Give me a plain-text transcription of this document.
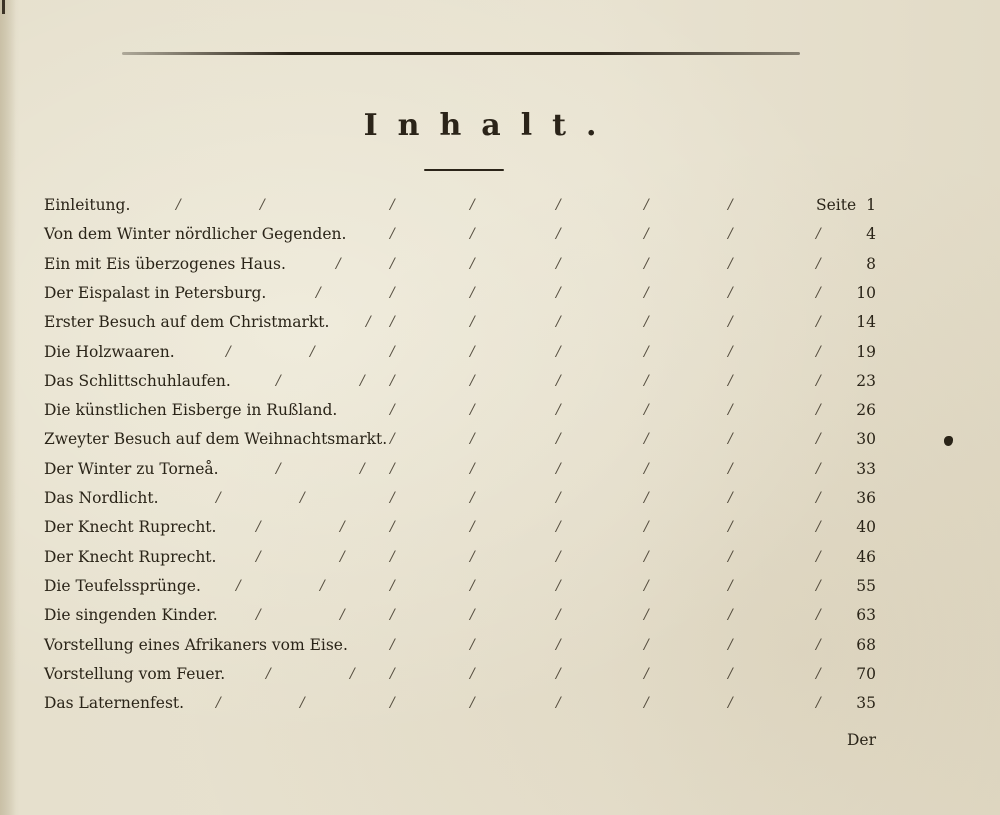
Inhalt.
Einleitung.	/	/	/	/	/	/	/	Seite 1
Von dem Winter nördlicher Gegenden.	/	/	/	/	/	/	4
Ein mit Eis überzogenes Haus.	/	/	/	/	/	/	/	8
Der Eispalast in Petersburg.	/	/	/	/	/	/	/ 10
Erster Besuch auf dem Christmarkt.	/ /	/	/	/	/	/ 14
Die Holzwaaren.	/	/	/	/	/	/	/	/ 19
Das Schlittschuhlaufen.	/	/ /	/	/	/	/	/ 23
Die künstlichen Eisberge in Rußland.	/	/	/	/	/	/ 26
Zweyter Besuch auf dem Weihnachtsmarkt. /	/	/	/	/	/ 30
Der Winter zu Torneå.	/	/ /	/	/	/	/	/ 33
Das Nordlicht.	/	/	/	/	/	/	/	/ 36
Der Knecht Ruprecht.	/	/	/	/	/	/	/	/ 40
Der Knecht Ruprecht.	/	/	/	/	/	/	/	/ 46
Die Teufelssprünge.	/	/	/	/	/	/	/	/ 55
Die singenden Kinder.	/	/	/	/	/	/	/	/ 63
Vorstellung eines Afrikaners vom Eise.	/	/	/	/	/	/ 68
Vorstellung vom Feuer.	/	/	/	/	/	/	/	/ 70
Das Laternenfest. /	/	/	/	/	/	/	/ 35
Der
